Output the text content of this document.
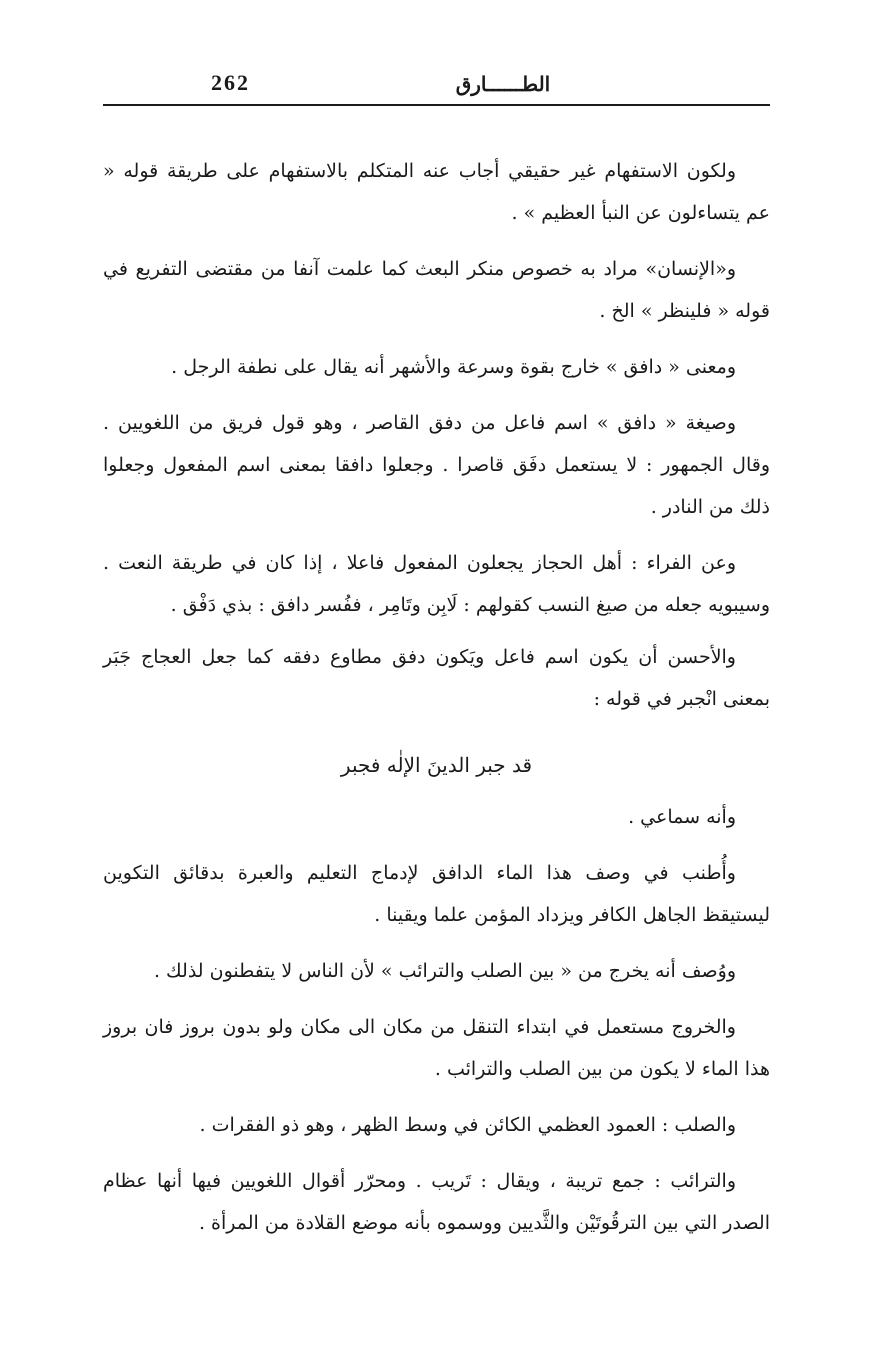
262	الطــــــارق

ولكون الاستفهام غير حقيقي أجاب عنه المتكلم بالاستفهام على طريقة قوله « عم يتساءلون عن النبأ العظيم » .

و«الإنسان» مراد به خصوص منكر البعث كما علمت آنفا من مقتضى التفريع في قوله « فلينظر » الخ .

ومعنى « دافق » خارج بقوة وسرعة والأشهر أنه يقال على نطفة الرجل .

وصيغة « دافق » اسم فاعل من دفق القاصر ، وهو قول فريق من اللغويين . وقال الجمهور : لا يستعمل دفَق قاصرا . وجعلوا دافقا بمعنى اسم المفعول وجعلوا ذلك من النادر .

وعن الفراء : أهل الحجاز يجعلون المفعول فاعلا ، إذا كان في طريقة النعت . وسيبويه جعله من صيغ النسب كقولهم : لَابِن وتَامِر ، ففُسر دافق : بذي دَفْق .

والأحسن أن يكون اسم فاعل ويَكون دفق مطاوع دفقه كما جعل العجاج جَبَر بمعنى انْجبر في قوله :

قد جبر الدينَ الإلٰه فجبر

وأنه سماعي .

وأُطنب في وصف هذا الماء الدافق لإدماج التعليم والعبرة بدقائق التكوين ليستيقظ الجاهل الكافر ويزداد المؤمن علما ويقينا .

ووُصف أنه يخرج من « بين الصلب والترائب » لأن الناس لا يتفطنون لذلك .

والخروج مستعمل في ابتداء التنقل من مكان الى مكان ولو بدون بروز فان بروز هذا الماء لا يكون من بين الصلب والترائب .

والصلب : العمود العظمي الكائن في وسط الظهر ، وهو ذو الفقرات .

والترائب : جمع تريبة ، ويقال : تَريب . ومحرّر أقوال اللغويين فيها أنها عظام الصدر التي بين الترقُوتَيْن والثَّديين ووسموه بأنه موضع القلادة من المرأة .
